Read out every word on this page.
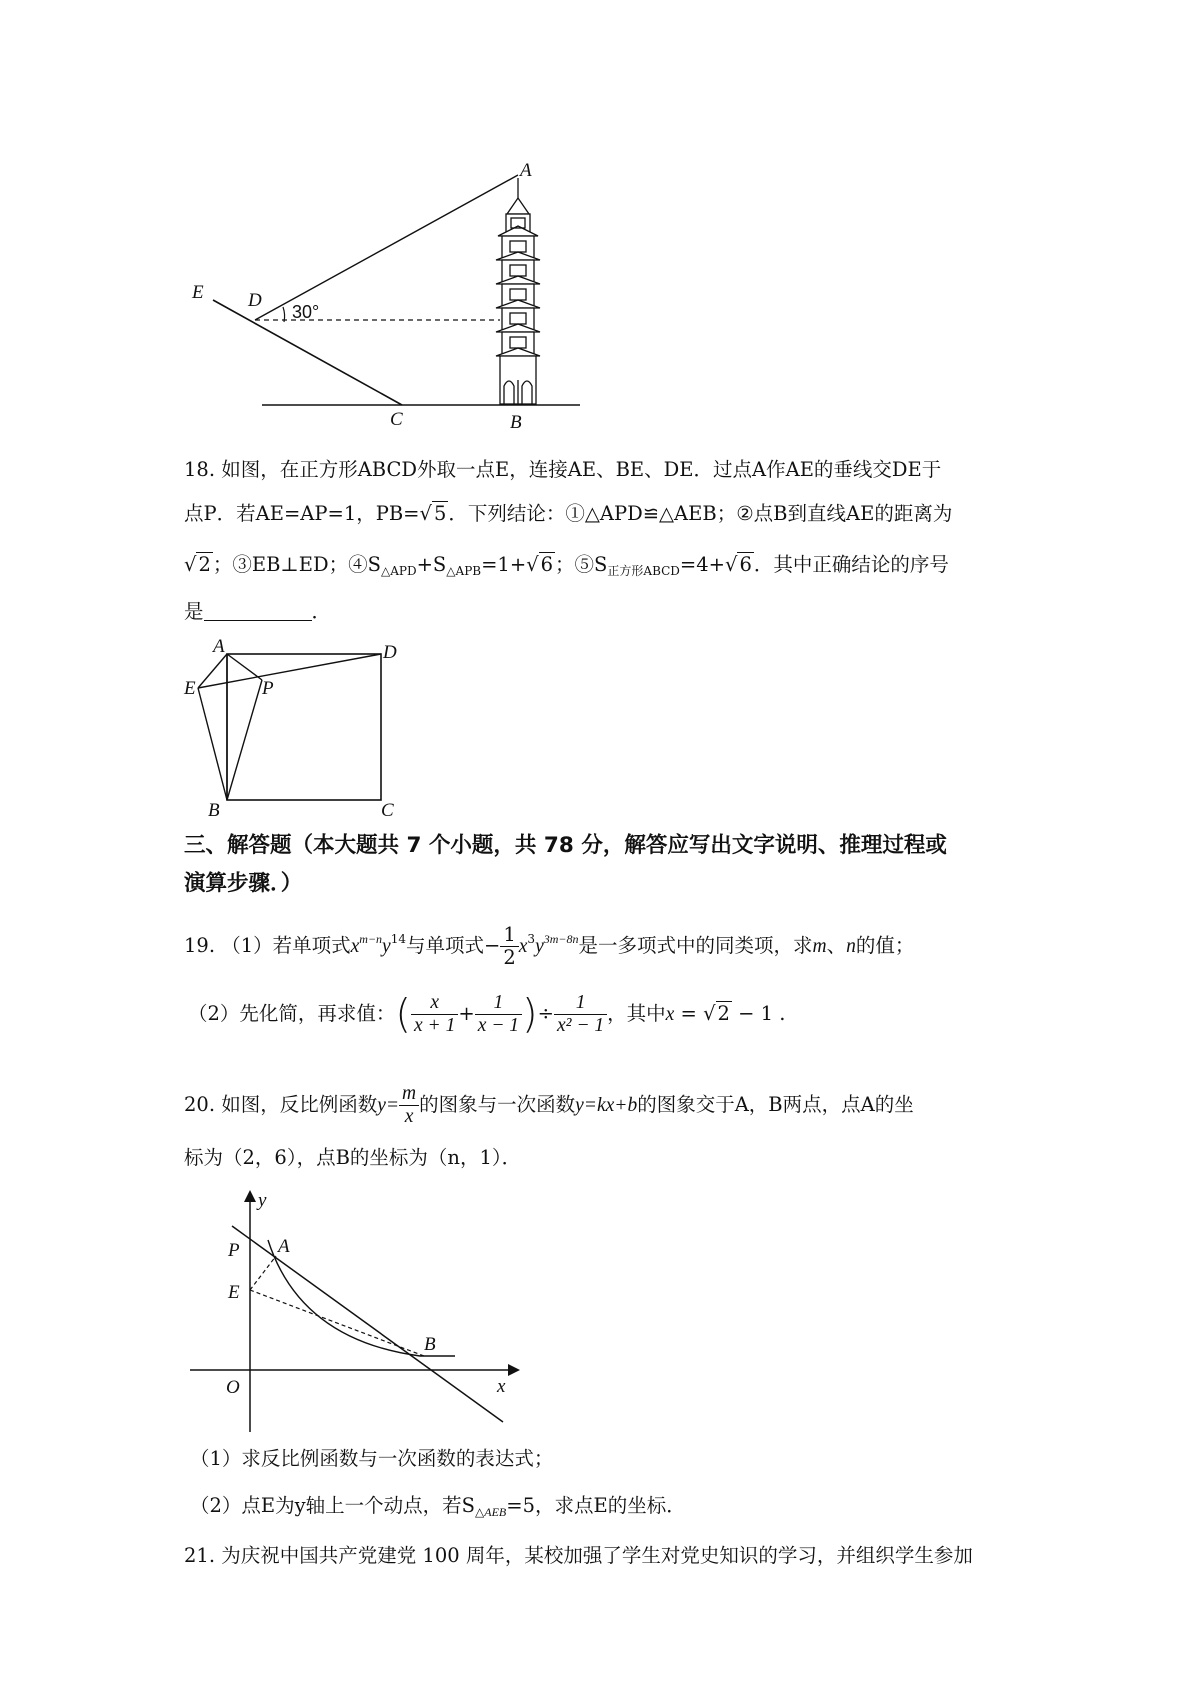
A
B
C
D
E
30°
18. 如图，在正方形ABCD外取一点E，连接AE、BE、DE．过点A作AE的垂线交DE于
点P．若AE=AP=1，PB=√ 5 ．下列结论：①△APD≌△AEB；②点B到直线AE的距离为
√ 2 ；③EB⊥ED；$④S_{\triangle APD}+S_{\triangle APB}=1+√$ 6 ；$⑤S_{正方形ABCD}=4+√$ 6 ．其中正确结论的序号
是	．
A	D
E	P
B	C
三、解答题（本大题共 7 个小题，共 78 分，解答应写出文字说明、推理过程或
演算步骤．）
19. （1）若单项式$x^{m-n}y^{14}$与单项式− $\frac{1}{2} x^3y^{3m-8n}$是一多项式中的同类项，求m、n的值；
（2）先化简，再求值：( $\frac{x}{x + 1} + \frac{1}{x - 1}$ )÷ $\frac{1}{\text{x² − 1}}$ ，其中x = √ 2 − 1 .
20. 如图，反比例函数$y= \frac{m}{x}$ 的图象与一次函数y=kx+b的图象交于A，B两点，点A的坐
标为（2，6），点B的坐标为（n，1）．
y
x
P A
E
B
O
（1）求反比例函数与一次函数的表达式；
（2）点E为y轴上一个动点，若$S_{\triangle AEB}=5$，求点E的坐标．
21. 为庆祝中国共产党建党 100 周年，某校加强了学生对党史知识的学习，并组织学生参加
